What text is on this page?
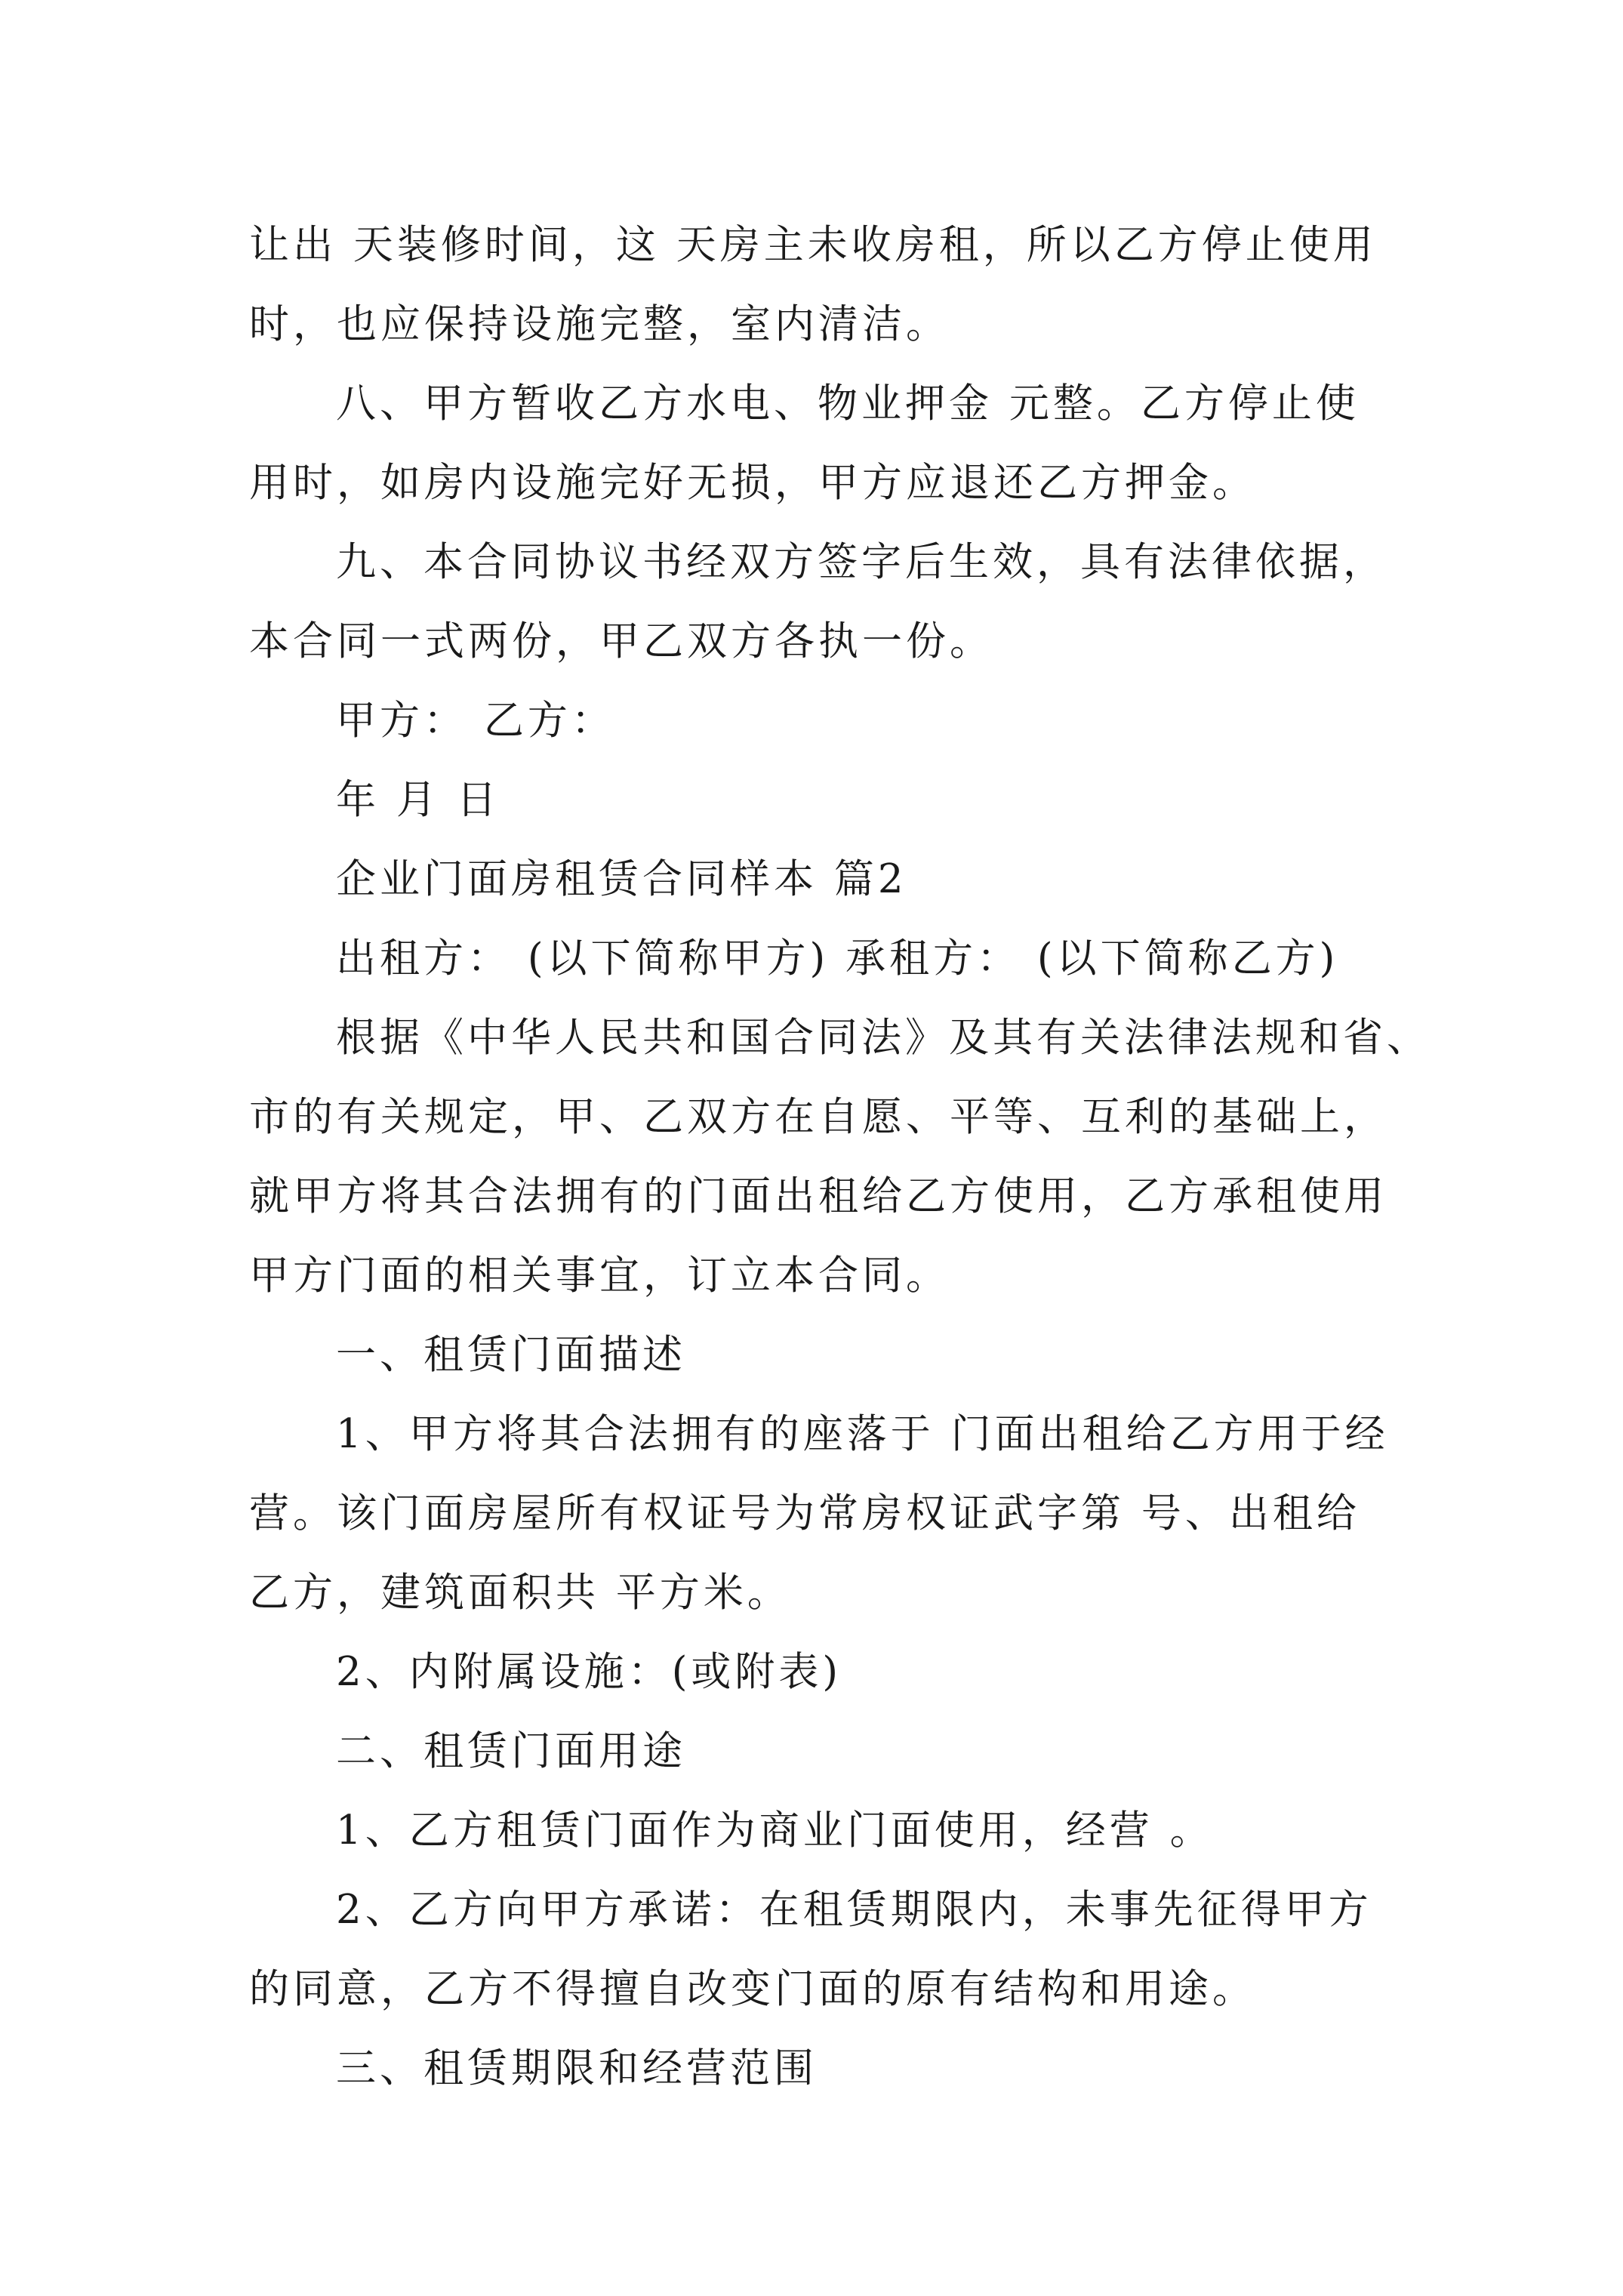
让出 天装修时间，这 天房主未收房租，所以乙方停止使用

时，也应保持设施完整，室内清洁。

八、甲方暂收乙方水电、物业押金 元整。乙方停止使

用时，如房内设施完好无损，甲方应退还乙方押金。

九、本合同协议书经双方签字后生效，具有法律依据，

本合同一式两份，甲乙双方各执一份。

甲方： 乙方：

年 月 日

企业门面房租赁合同样本 篇2

出租方： (以下简称甲方) 承租方： (以下简称乙方)

根据《中华人民共和国合同法》及其有关法律法规和省、

市的有关规定，甲、乙双方在自愿、平等、互利的基础上，

就甲方将其合法拥有的门面出租给乙方使用，乙方承租使用

甲方门面的相关事宜，订立本合同。

一、租赁门面描述

1、甲方将其合法拥有的座落于 门面出租给乙方用于经

营。该门面房屋所有权证号为常房权证武字第 号、出租给

乙方，建筑面积共 平方米。

2、内附属设施：(或附表)

二、租赁门面用途

1、乙方租赁门面作为商业门面使用，经营 。

2、乙方向甲方承诺：在租赁期限内，未事先征得甲方

的同意，乙方不得擅自改变门面的原有结构和用途。

三、租赁期限和经营范围
